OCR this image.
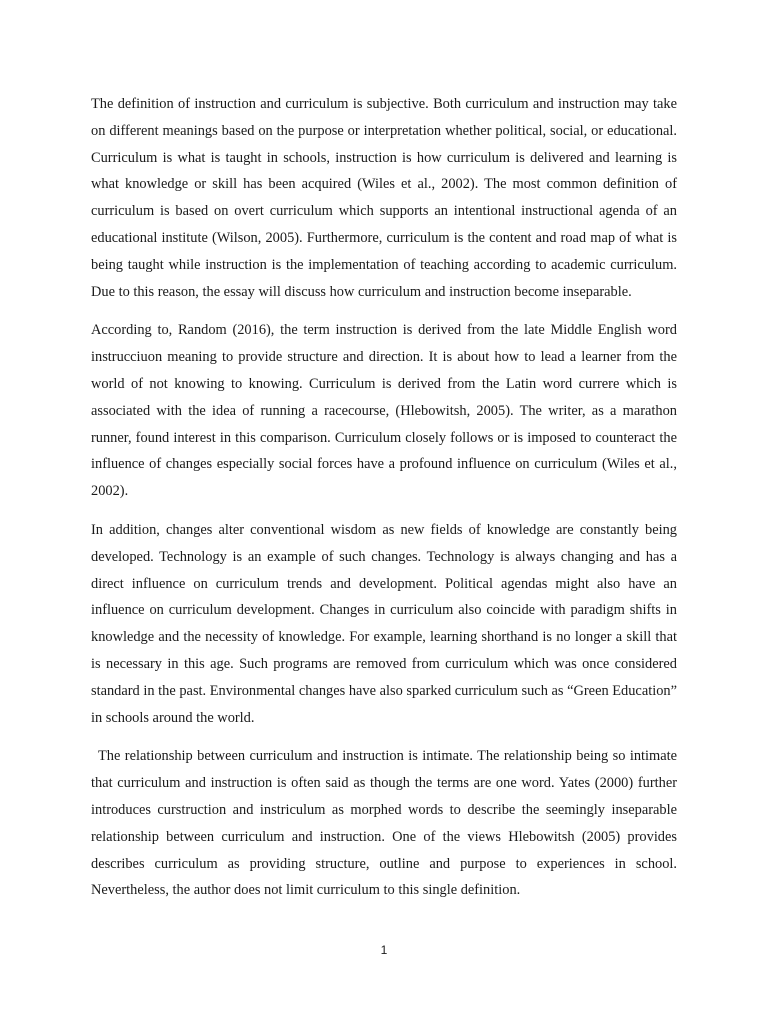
The definition of instruction and curriculum is subjective. Both curriculum and instruction may take on different meanings based on the purpose or interpretation whether political, social, or educational. Curriculum is what is taught in schools, instruction is how curriculum is delivered and learning is what knowledge or skill has been acquired (Wiles et al., 2002). The most common definition of curriculum is based on overt curriculum which supports an intentional instructional agenda of an educational institute (Wilson, 2005). Furthermore, curriculum is the content and road map of what is being taught while instruction is the implementation of teaching according to academic curriculum. Due to this reason, the essay will discuss how curriculum and instruction become inseparable.

According to, Random (2016), the term instruction is derived from the late Middle English word instrucciuon meaning to provide structure and direction. It is about how to lead a learner from the world of not knowing to knowing. Curriculum is derived from the Latin word currere which is associated with the idea of running a racecourse, (Hlebowitsh, 2005). The writer, as a marathon runner, found interest in this comparison. Curriculum closely follows or is imposed to counteract the influence of changes especially social forces have a profound influence on curriculum (Wiles et al., 2002).

In addition, changes alter conventional wisdom as new fields of knowledge are constantly being developed. Technology is an example of such changes. Technology is always changing and has a direct influence on curriculum trends and development. Political agendas might also have an influence on curriculum development. Changes in curriculum also coincide with paradigm shifts in knowledge and the necessity of knowledge. For example, learning shorthand is no longer a skill that is necessary in this age. Such programs are removed from curriculum which was once considered standard in the past. Environmental changes have also sparked curriculum such as “Green Education” in schools around the world.

The relationship between curriculum and instruction is intimate. The relationship being so intimate that curriculum and instruction is often said as though the terms are one word. Yates (2000) further introduces curstruction and instriculum as morphed words to describe the seemingly inseparable relationship between curriculum and instruction. One of the views Hlebowitsh (2005) provides describes curriculum as providing structure, outline and purpose to experiences in school. Nevertheless, the author does not limit curriculum to this single definition.

1
